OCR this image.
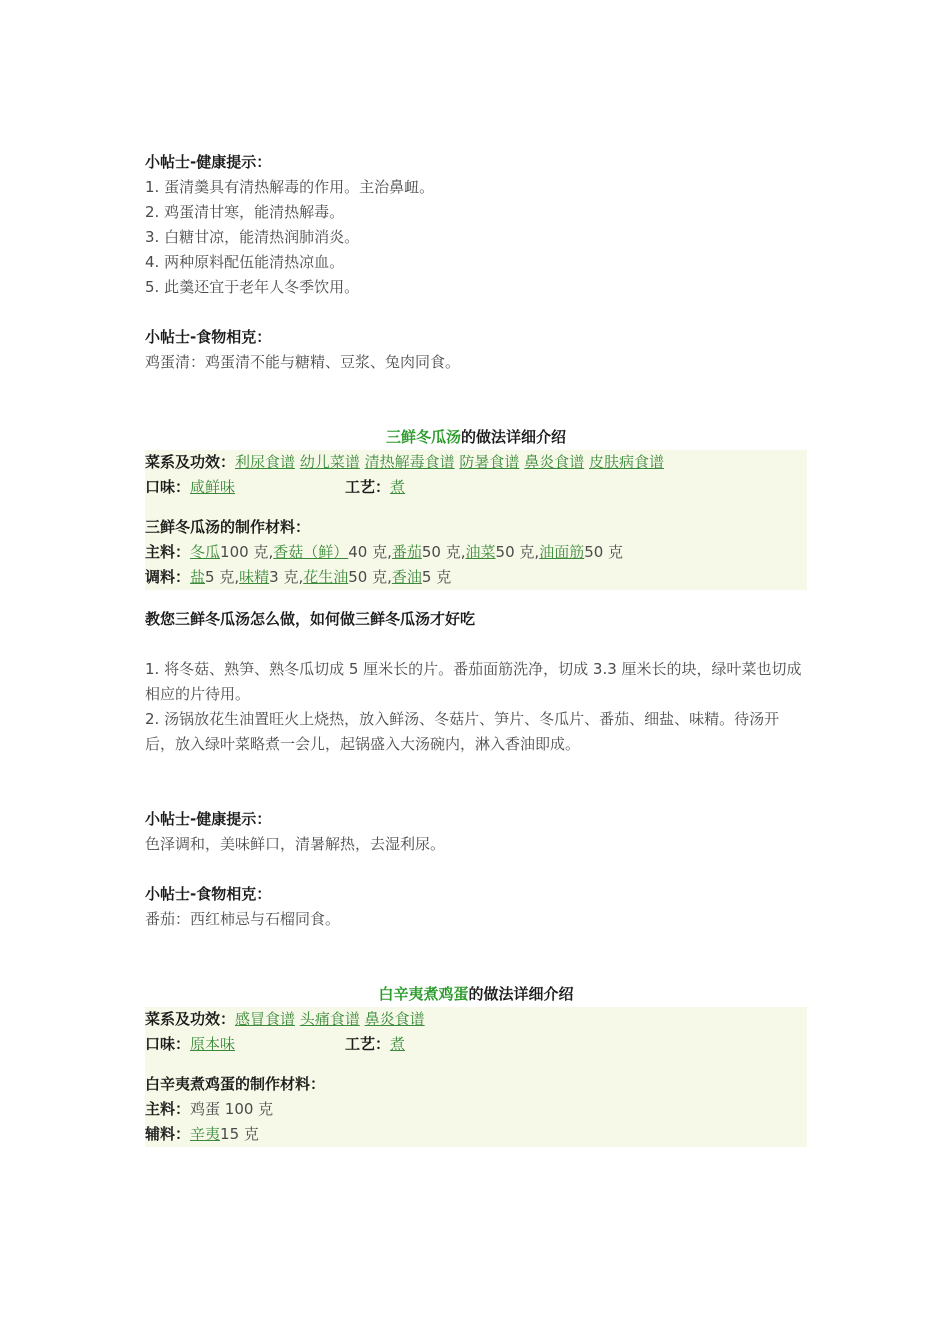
小帖士-健康提示：
1. 蛋清羹具有清热解毒的作用。主治鼻衄。
2. 鸡蛋清甘寒，能清热解毒。
3. 白糖甘凉，能清热润肺消炎。
4. 两种原料配伍能清热凉血。
5. 此羹还宜于老年人冬季饮用。
小帖士-食物相克：
鸡蛋清：鸡蛋清不能与糖精、豆浆、兔肉同食。
三鲜冬瓜汤的做法详细介绍
菜系及功效：利尿食谱 幼儿菜谱 清热解毒食谱 防暑食谱 鼻炎食谱 皮肤病食谱
口味：咸鲜味	工艺：煮
三鲜冬瓜汤的制作材料：
主料：冬瓜100 克,香菇（鲜）40 克,番茄50 克,油菜50 克,油面筋50 克
调料：盐5 克,味精3 克,花生油50 克,香油5 克
教您三鲜冬瓜汤怎么做，如何做三鲜冬瓜汤才好吃
1. 将冬菇、熟笋、熟冬瓜切成 5 厘米长的片。番茄面筋洗净，切成 3.3 厘米长的块，绿叶菜也切成相应的片待用。
2. 汤锅放花生油置旺火上烧热，放入鲜汤、冬菇片、笋片、冬瓜片、番茄、细盐、味精。待汤开后，放入绿叶菜略煮一会儿，起锅盛入大汤碗内，淋入香油即成。
小帖士-健康提示：
色泽调和，美味鲜口，清暑解热，去湿利尿。
小帖士-食物相克：
番茄：西红柿忌与石榴同食。
白辛夷煮鸡蛋的做法详细介绍
菜系及功效：感冒食谱 头痛食谱 鼻炎食谱
口味：原本味	工艺：煮
白辛夷煮鸡蛋的制作材料：
主料：鸡蛋 100 克
辅料：辛夷15 克
